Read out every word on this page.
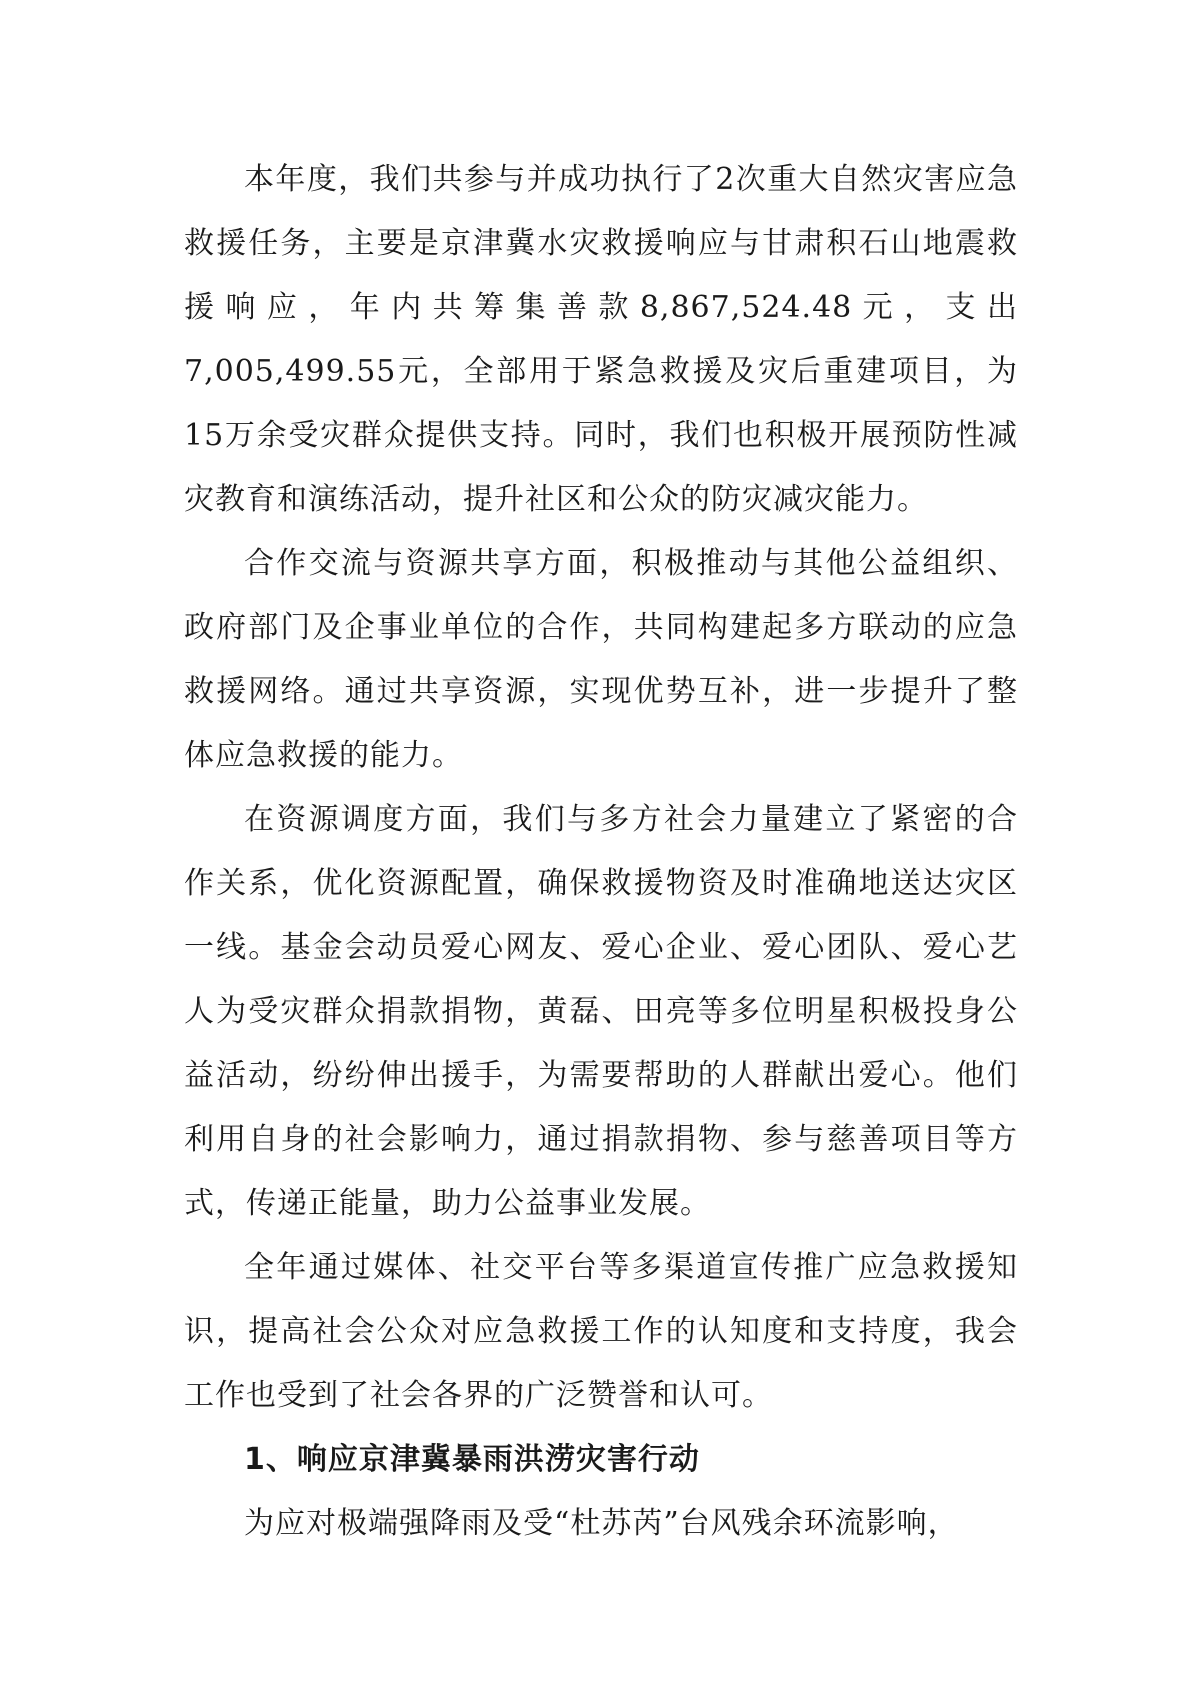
本年度，我们共参与并成功执行了2次重大自然灾害应急救援任务，主要是京津冀水灾救援响应与甘肃积石山地震救援响应，年内共筹集善款8,867,524.48元，支出7,005,499.55元，全部用于紧急救援及灾后重建项目，为15万余受灾群众提供支持。同时，我们也积极开展预防性减灾教育和演练活动，提升社区和公众的防灾减灾能力。

合作交流与资源共享方面，积极推动与其他公益组织、政府部门及企事业单位的合作，共同构建起多方联动的应急救援网络。通过共享资源，实现优势互补，进一步提升了整体应急救援的能力。

在资源调度方面，我们与多方社会力量建立了紧密的合作关系，优化资源配置，确保救援物资及时准确地送达灾区一线。基金会动员爱心网友、爱心企业、爱心团队、爱心艺人为受灾群众捐款捐物，黄磊、田亮等多位明星积极投身公益活动，纷纷伸出援手，为需要帮助的人群献出爱心。他们利用自身的社会影响力，通过捐款捐物、参与慈善项目等方式，传递正能量，助力公益事业发展。

全年通过媒体、社交平台等多渠道宣传推广应急救援知识，提高社会公众对应急救援工作的认知度和支持度，我会工作也受到了社会各界的广泛赞誉和认可。

1、响应京津冀暴雨洪涝灾害行动

为应对极端强降雨及受“杜苏芮”台风残余环流影响，
